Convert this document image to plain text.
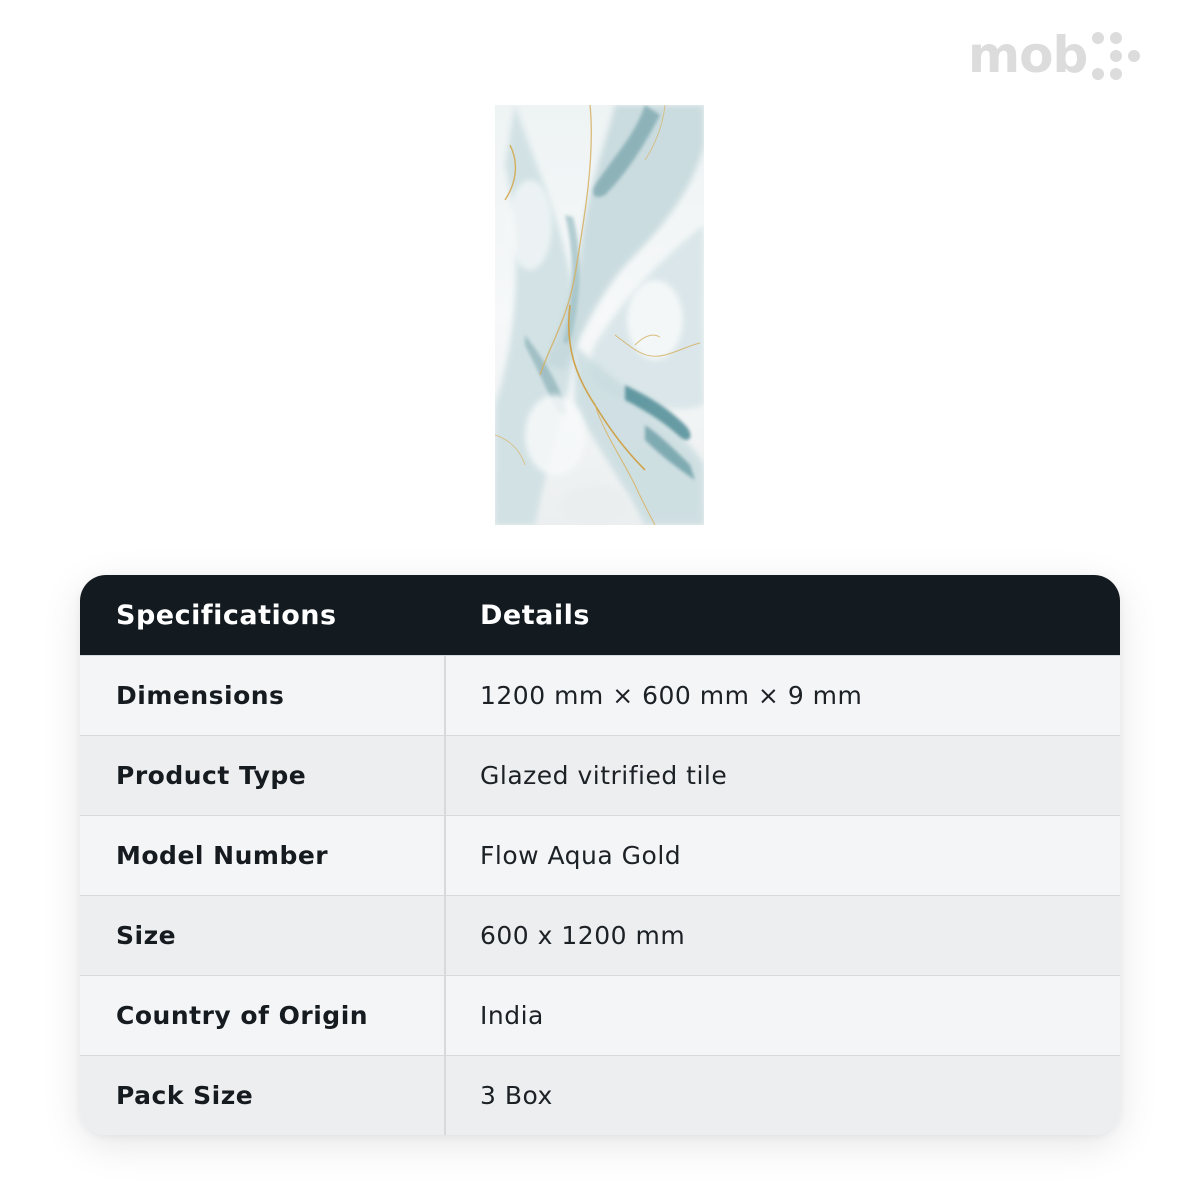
mob
Specifications	Details
Dimensions	1200 mm × 600 mm × 9 mm
Product Type	Glazed vitrified tile
Model Number	Flow Aqua Gold
Size	600 x 1200 mm
Country of Origin	India
Pack Size	3 Box
